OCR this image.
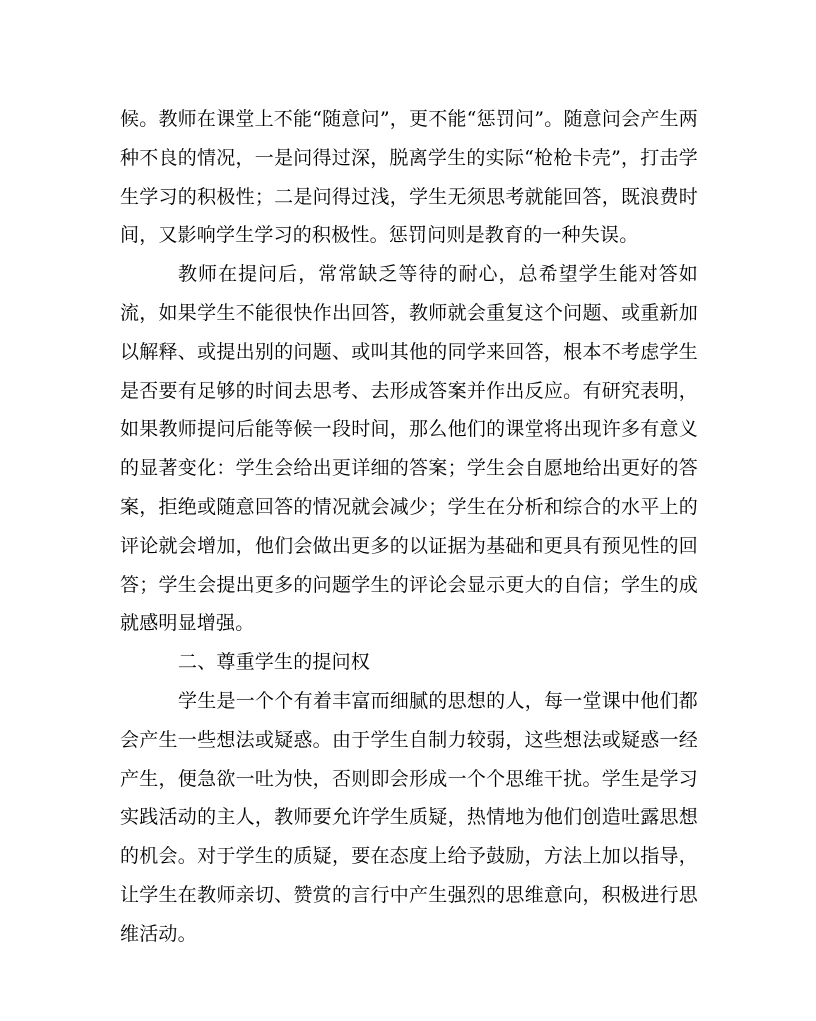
候。教师在课堂上不能“随意问”，更不能“惩罚问”。随意问会产生两种不良的情况，一是问得过深，脱离学生的实际“枪枪卡壳”，打击学生学习的积极性；二是问得过浅，学生无须思考就能回答，既浪费时间，又影响学生学习的积极性。惩罚问则是教育的一种失误。

教师在提问后，常常缺乏等待的耐心，总希望学生能对答如流，如果学生不能很快作出回答，教师就会重复这个问题、或重新加以解释、或提出别的问题、或叫其他的同学来回答，根本不考虑学生是否要有足够的时间去思考、去形成答案并作出反应。有研究表明，如果教师提问后能等候一段时间，那么他们的课堂将出现许多有意义的显著变化：学生会给出更详细的答案；学生会自愿地给出更好的答案，拒绝或随意回答的情况就会减少；学生在分析和综合的水平上的评论就会增加，他们会做出更多的以证据为基础和更具有预见性的回答；学生会提出更多的问题学生的评论会显示更大的自信；学生的成就感明显增强。

二、尊重学生的提问权

学生是一个个有着丰富而细腻的思想的人，每一堂课中他们都会产生一些想法或疑惑。由于学生自制力较弱，这些想法或疑惑一经产生，便急欲一吐为快，否则即会形成一个个思维干扰。学生是学习实践活动的主人，教师要允许学生质疑，热情地为他们创造吐露思想的机会。对于学生的质疑，要在态度上给予鼓励，方法上加以指导，让学生在教师亲切、赞赏的言行中产生强烈的思维意向，积极进行思维活动。
